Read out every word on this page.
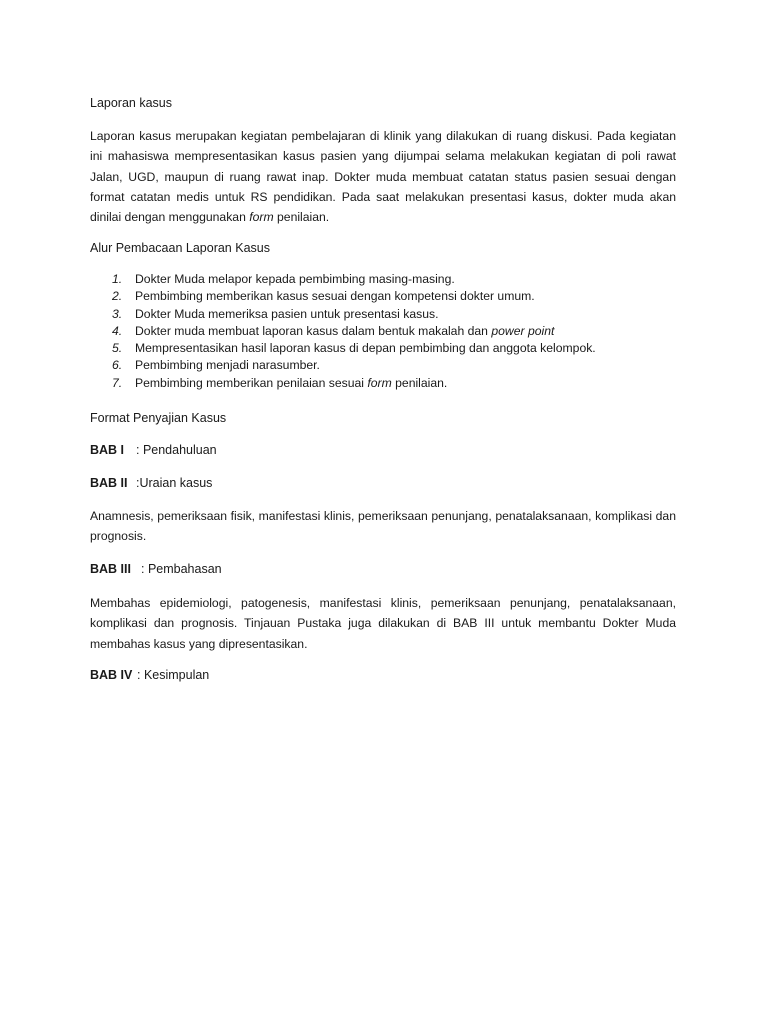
Laporan kasus

Laporan kasus merupakan kegiatan pembelajaran di klinik yang dilakukan di ruang diskusi. Pada kegiatan ini mahasiswa mempresentasikan kasus pasien yang dijumpai selama melakukan kegiatan di poli rawat Jalan, UGD, maupun di ruang rawat inap. Dokter muda membuat catatan status pasien sesuai dengan format catatan medis untuk RS pendidikan. Pada saat melakukan presentasi kasus, dokter muda akan dinilai dengan menggunakan form penilaian.

Alur Pembacaan Laporan Kasus
1. Dokter Muda melapor kepada pembimbing masing-masing.
2. Pembimbing memberikan kasus sesuai dengan kompetensi dokter umum.
3. Dokter Muda memeriksa pasien untuk presentasi kasus.
4. Dokter muda membuat laporan kasus dalam bentuk makalah dan power point
5. Mempresentasikan hasil laporan kasus di depan pembimbing dan anggota kelompok.
6. Pembimbing menjadi narasumber.
7. Pembimbing memberikan penilaian sesuai form penilaian.
Format Penyajian Kasus
BAB I : Pendahuluan
BAB II :Uraian kasus

Anamnesis, pemeriksaan fisik, manifestasi klinis, pemeriksaan penunjang, penatalaksanaan, komplikasi dan prognosis.

BAB III : Pembahasan

Membahas epidemiologi, patogenesis, manifestasi klinis, pemeriksaan penunjang, penatalaksanaan, komplikasi dan prognosis. Tinjauan Pustaka juga dilakukan di BAB III untuk membantu Dokter Muda membahas kasus yang dipresentasikan.

BAB IV : Kesimpulan
